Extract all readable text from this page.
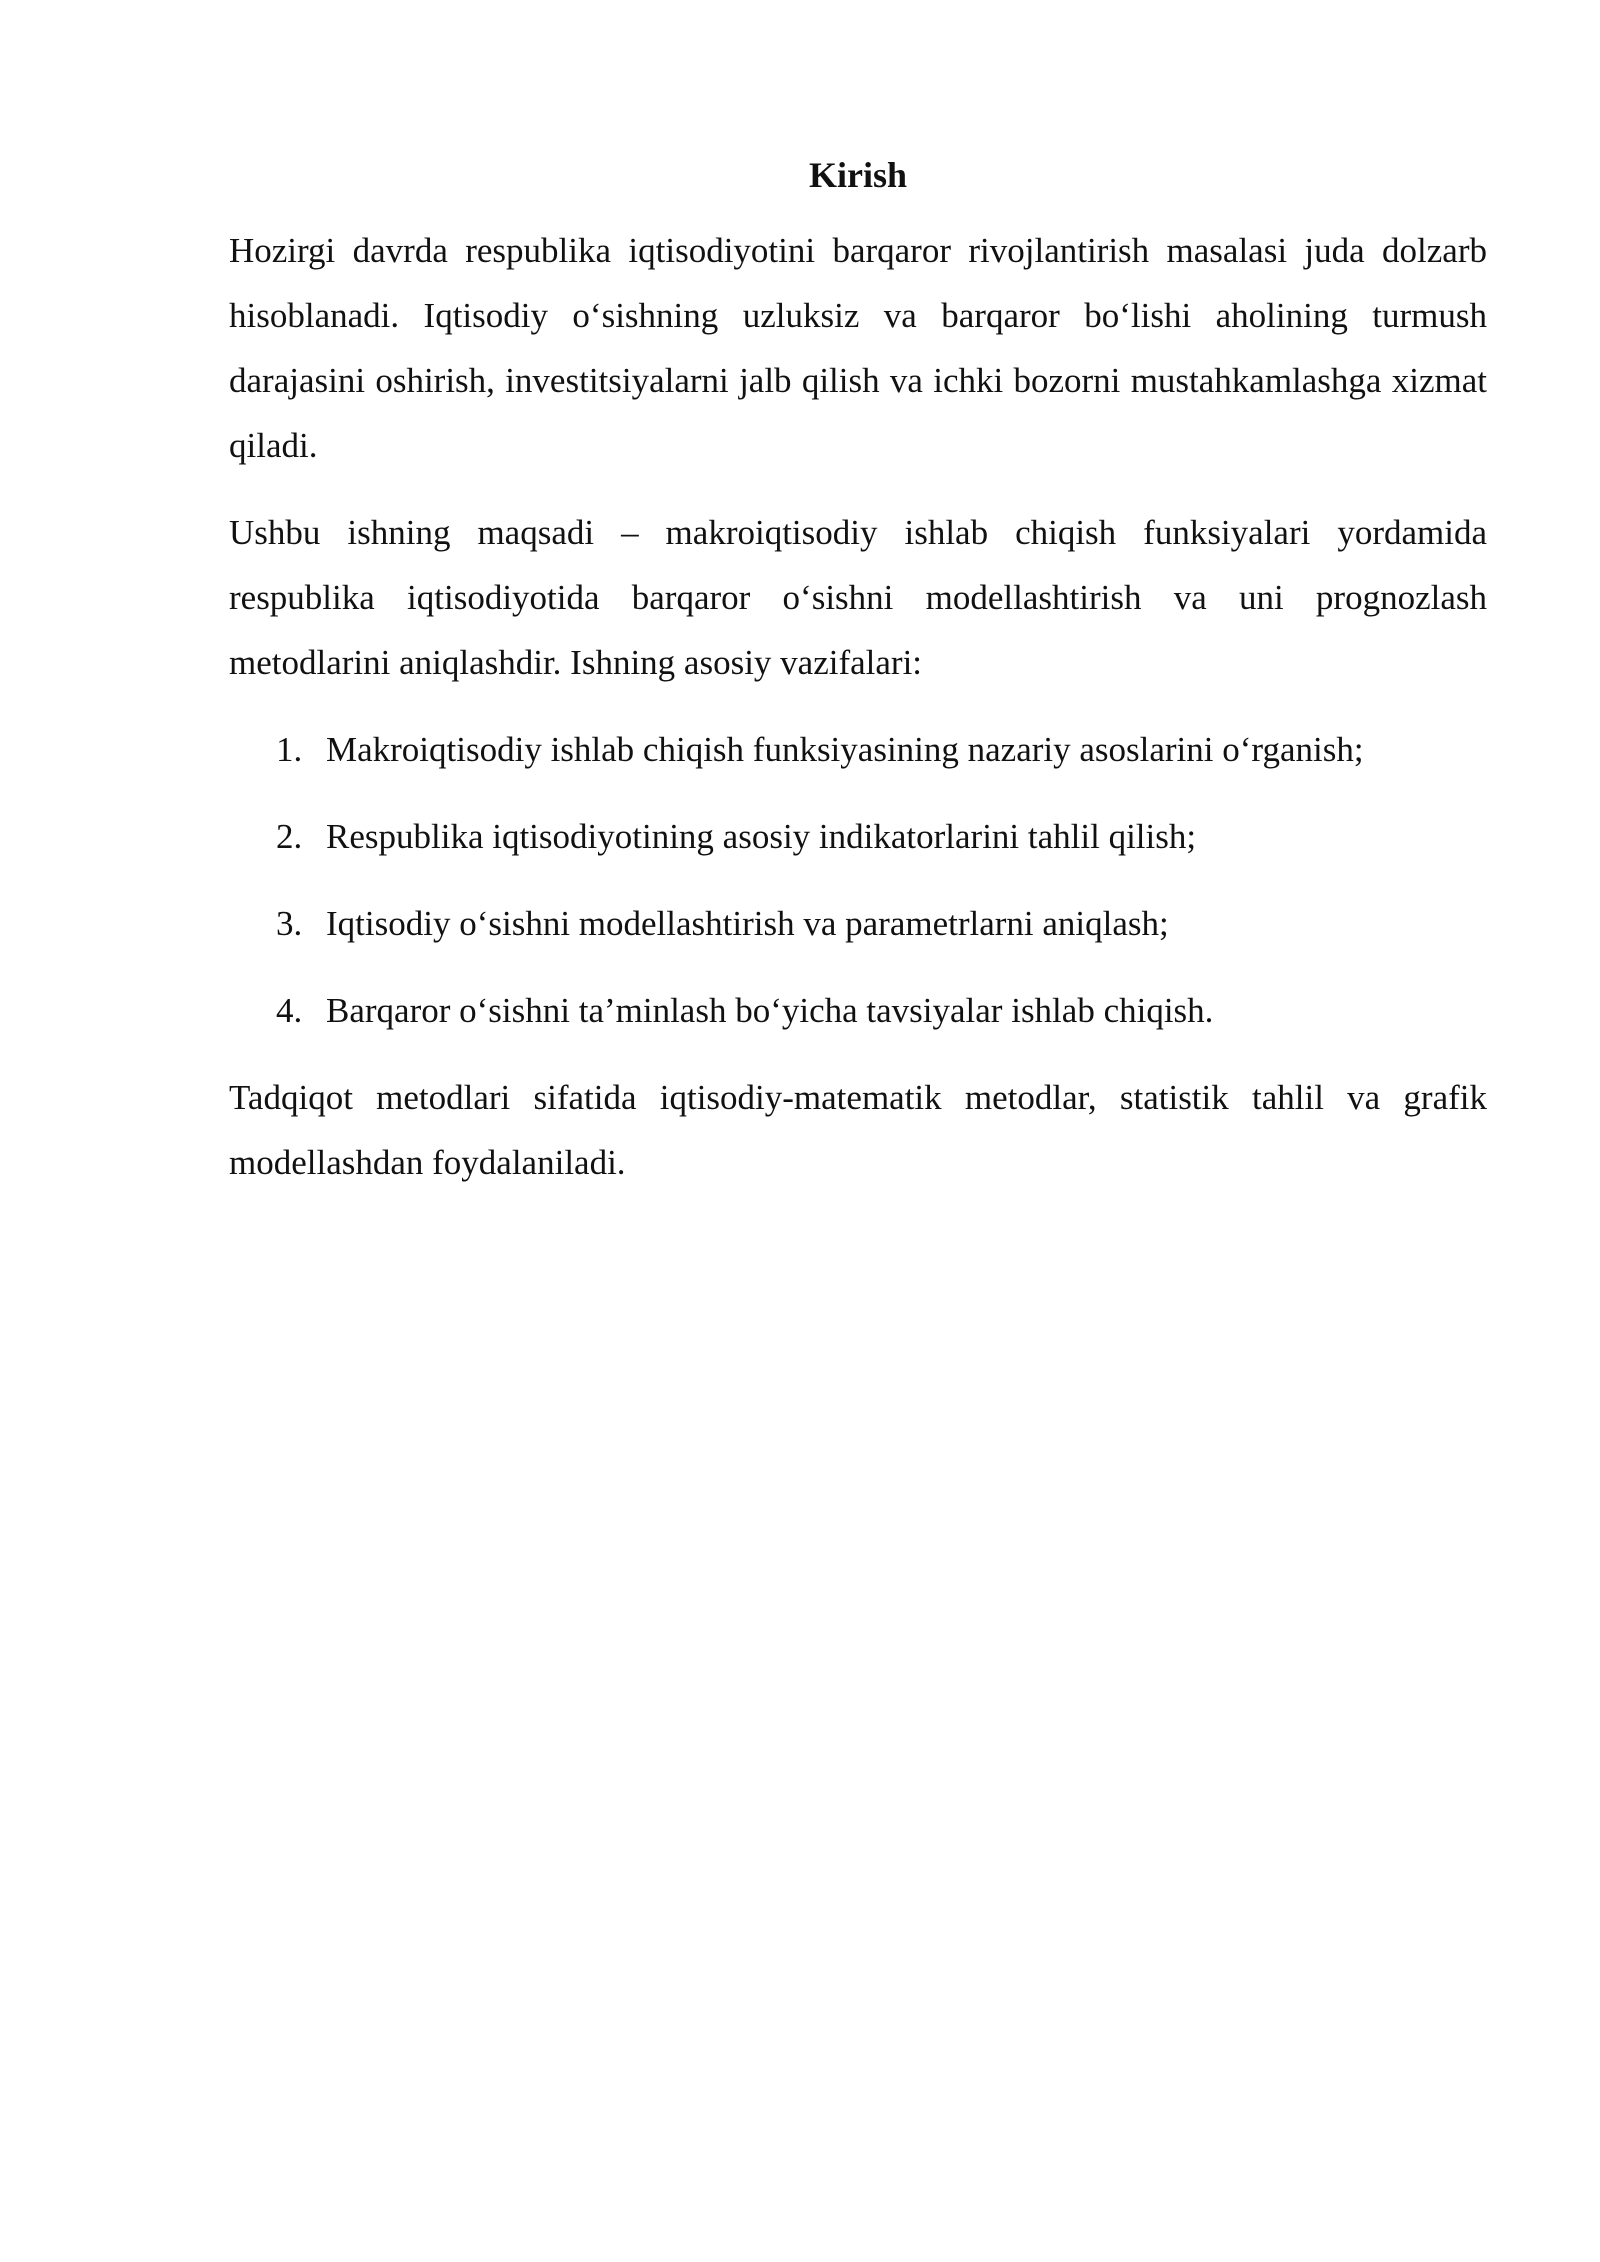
Kirish

Hozirgi davrda respublika iqtisodiyotini barqaror rivojlantirish masalasi juda dolzarb hisoblanadi. Iqtisodiy o‘sishning uzluksiz va barqaror bo‘lishi aholining turmush darajasini oshirish, investitsiyalarni jalb qilish va ichki bozorni mustahkamlashga xizmat qiladi.

Ushbu ishning maqsadi – makroiqtisodiy ishlab chiqish funksiyalari yordamida respublika iqtisodiyotida barqaror o‘sishni modellashtirish va uni prognozlash metodlarini aniqlashdir. Ishning asosiy vazifalari:

1. Makroiqtisodiy ishlab chiqish funksiyasining nazariy asoslarini o‘rganish;
2. Respublika iqtisodiyotining asosiy indikatorlarini tahlil qilish;
3. Iqtisodiy o‘sishni modellashtirish va parametrlarni aniqlash;
4. Barqaror o‘sishni ta’minlash bo‘yicha tavsiyalar ishlab chiqish.

Tadqiqot metodlari sifatida iqtisodiy-matematik metodlar, statistik tahlil va grafik modellashdan foydalaniladi.
